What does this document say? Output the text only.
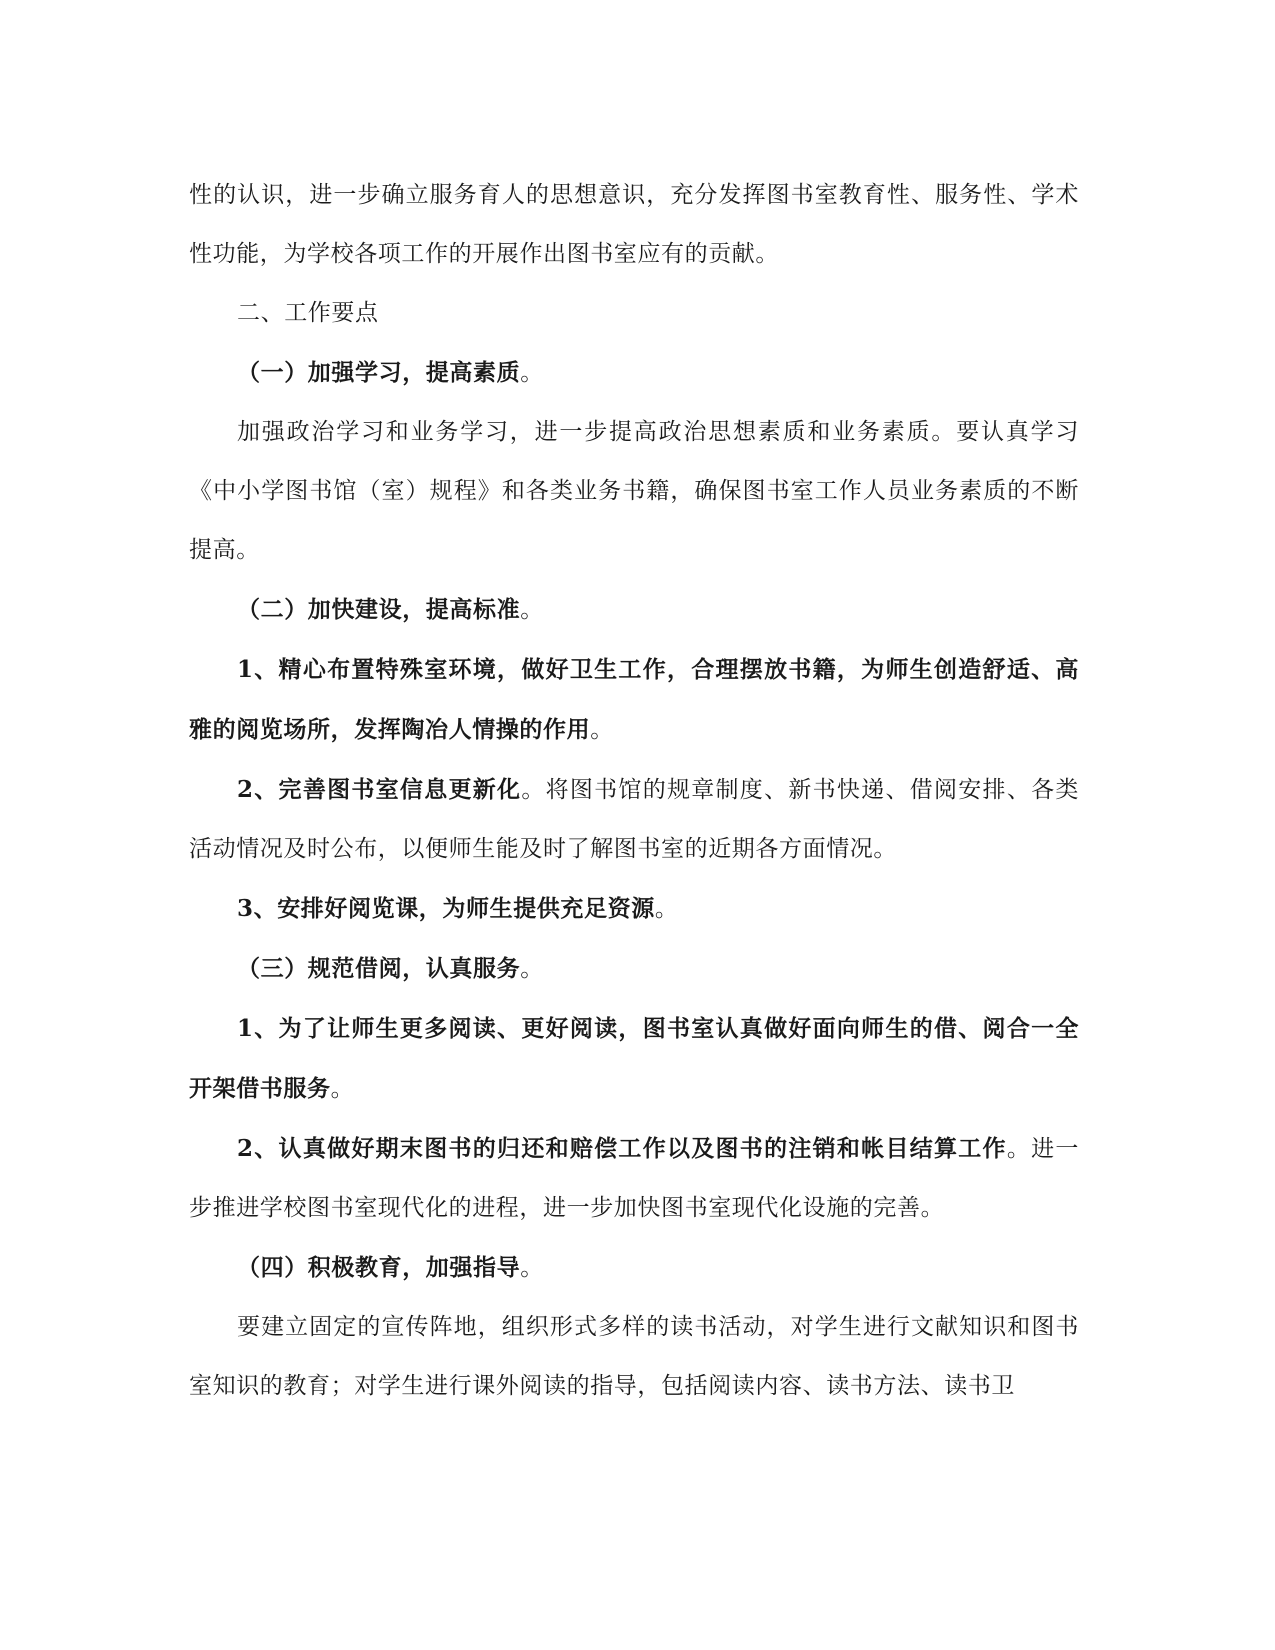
性的认识，进一步确立服务育人的思想意识，充分发挥图书室教育性、服务性、学术性功能，为学校各项工作的开展作出图书室应有的贡献。

二、工作要点

（一）加强学习，提高素质。

加强政治学习和业务学习，进一步提高政治思想素质和业务素质。要认真学习《中小学图书馆（室）规程》和各类业务书籍，确保图书室工作人员业务素质的不断提高。

（二）加快建设，提高标准。

1、精心布置特殊室环境，做好卫生工作，合理摆放书籍，为师生创造舒适、高雅的阅览场所，发挥陶冶人情操的作用。

2、完善图书室信息更新化。将图书馆的规章制度、新书快递、借阅安排、各类活动情况及时公布，以便师生能及时了解图书室的近期各方面情况。

3、安排好阅览课，为师生提供充足资源。

（三）规范借阅，认真服务。

1、为了让师生更多阅读、更好阅读，图书室认真做好面向师生的借、阅合一全开架借书服务。

2、认真做好期末图书的归还和赔偿工作以及图书的注销和帐目结算工作。进一步推进学校图书室现代化的进程，进一步加快图书室现代化设施的完善。

（四）积极教育，加强指导。

要建立固定的宣传阵地，组织形式多样的读书活动，对学生进行文献知识和图书室知识的教育；对学生进行课外阅读的指导，包括阅读内容、读书方法、读书卫
